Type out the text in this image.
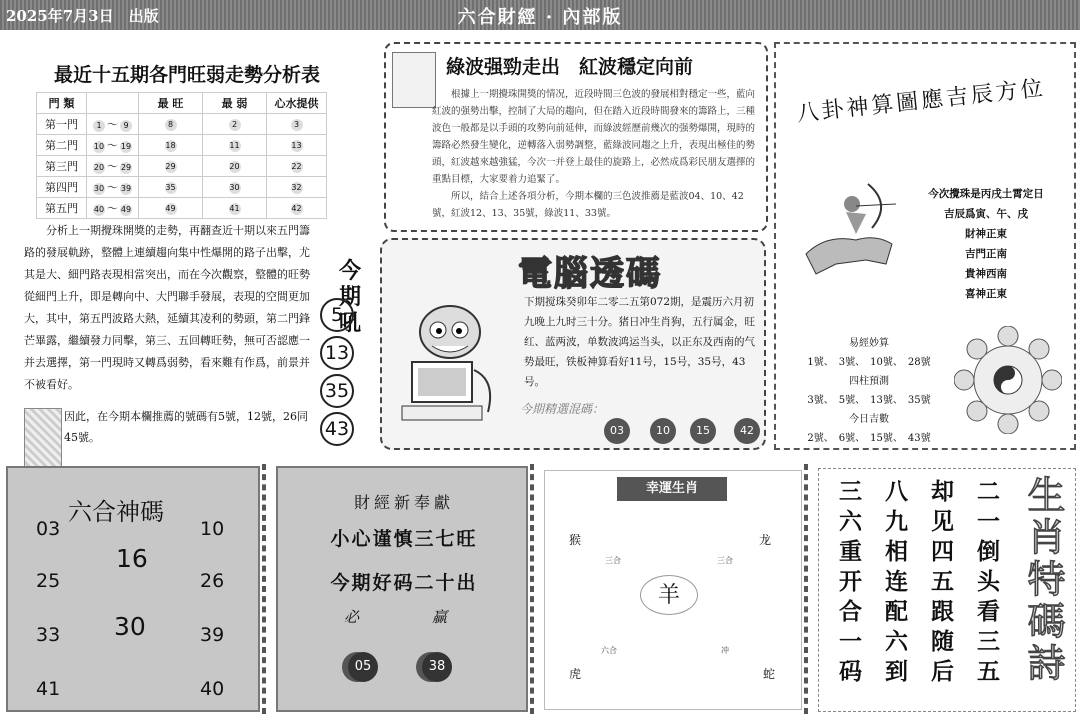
2025年7月3日　出版	六合財經 · 內部版
最近十五期各門旺弱走勢分析表
門 類		最 旺	最 弱	心水提供
第一門	1 ～ 9	8	2	3
第二門	10 ～ 19	18	11	13
第三門	20 ～ 29	29	20	22
第四門	30 ～ 39	35	30	32
第五門	40 ～ 49	49	41	42
分析上一期攪珠開獎的走勢，再翻查近十期以來五門籌路的發展軌跡，整體上連續趨向集中性爆開的路子出擊，尤其是大、細門路表現相當突出，而在今次觀察，整體的旺勢從細門上升，即是轉向中、大門聯手發展，表現的空間更加大，其中，第五門波路大熱，延續其凌利的勢頭，第二門鋒芒畢露，繼續發力同擊，第三、五回轉旺勢，無可否認應一并去選擇，第一門現時又轉爲弱勢，看來難有作爲，前景并不被看好。
因此，在今期本欄推薦的號碼有5號，12號，26同45號。
今期吼
5
13
35
43
綠波强勁走出　紅波穩定向前

根據上一期攪珠開獎的情况，近段時間三色波的發展相對穩定一些，藍向紅波的强勢出擊，控制了大局的趨向，但在踏入近段時間發來的籌路上，三種波色一般都是以手頭的攻勢向前延伸，而綠波經歷前幾次的强勢爆開，現時的籌路必然發生變化，逆轉落入弱勢調整，藍綠波同趨之上升，表現出極佳的勢頭，紅波越來越強猛，今次一并登上最佳的旋路上，必然成爲彩民朋友選擇的重點目標，大家要着力追緊了。

所以，結合上述各項分析，今期本欄的三色波推薦是藍波04、10、42號，紅波12、13、35號，綠波11、33號。

電腦透碼
下期搅珠癸卯年二零二五第072期，是震历六月初九晚上九时三十分。猪日冲生肖狗，五行属金，旺红、蓝两波，单数波鸿运当头，以正东及西南的气势最旺，铁板神算看好11号，15号，35号，43号。
今期精選混碼：
03	10	15	42
八卦神算圖應吉辰方位
今次攪珠是丙戌土霄定日
吉辰爲寅、午、戌
財神正東
吉門正南
貴神西南
喜神正東
易經妙算
1號、　 3號、　 10號、　 28號
四柱預測
3號、　 5號、　 13號、　 35號
今日吉數
2號、　 6號、　 15號、　 43號
六合神碼
03	10
16
25	26
30
33	39
41	40
財經新奉獻
小心谨慎三七旺
今期好码二十出
必	贏
05	38
幸運生肖
猴	龙
三合	三合
羊
六合	冲
虎	蛇	三六重开合一码 八九相连配六到 却见四五跟随后 二一倒头看三五 生肖特碼詩
